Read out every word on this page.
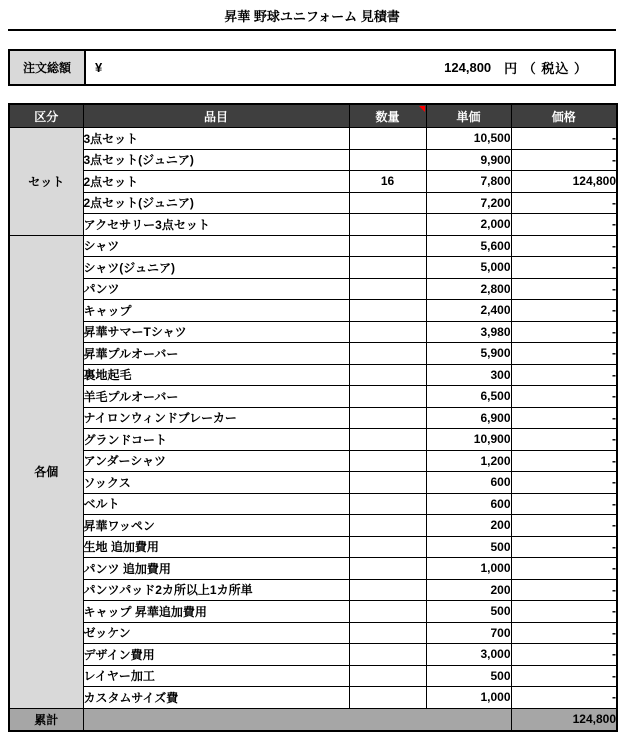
昇華 野球ユニフォーム 見積書
注文総額	¥	124,800 円 （ 税込 ）
区分	品目	数量	単価	価格
セット	3点セット		10,500	-
	3点セット(ジュニア)		9,900	-
	2点セット	16	7,800	124,800
	2点セット(ジュニア)		7,200	-
	アクセサリー3点セット		2,000	-
各個	シャツ		5,600	-
	シャツ(ジュニア)		5,000	-
	パンツ		2,800	-
	キャップ		2,400	-
	昇華サマーTシャツ		3,980	-
	昇華プルオーバー		5,900	-
	裏地起毛		300	-
	羊毛プルオーバー		6,500	-
	ナイロンウィンドブレーカー		6,900	-
	グランドコート		10,900	-
	アンダーシャツ		1,200	-
	ソックス		600	-
	ベルト		600	-
	昇華ワッペン		200	-
	生地 追加費用		500	-
	パンツ 追加費用		1,000	-
	パンツパッド2カ所以上1カ所単		200	-
	キャップ 昇華追加費用		500	-
	ゼッケン		700	-
	デザイン費用		3,000	-
	レイヤー加工		500	-
	カスタムサイズ費		1,000	-
累計				124,800
